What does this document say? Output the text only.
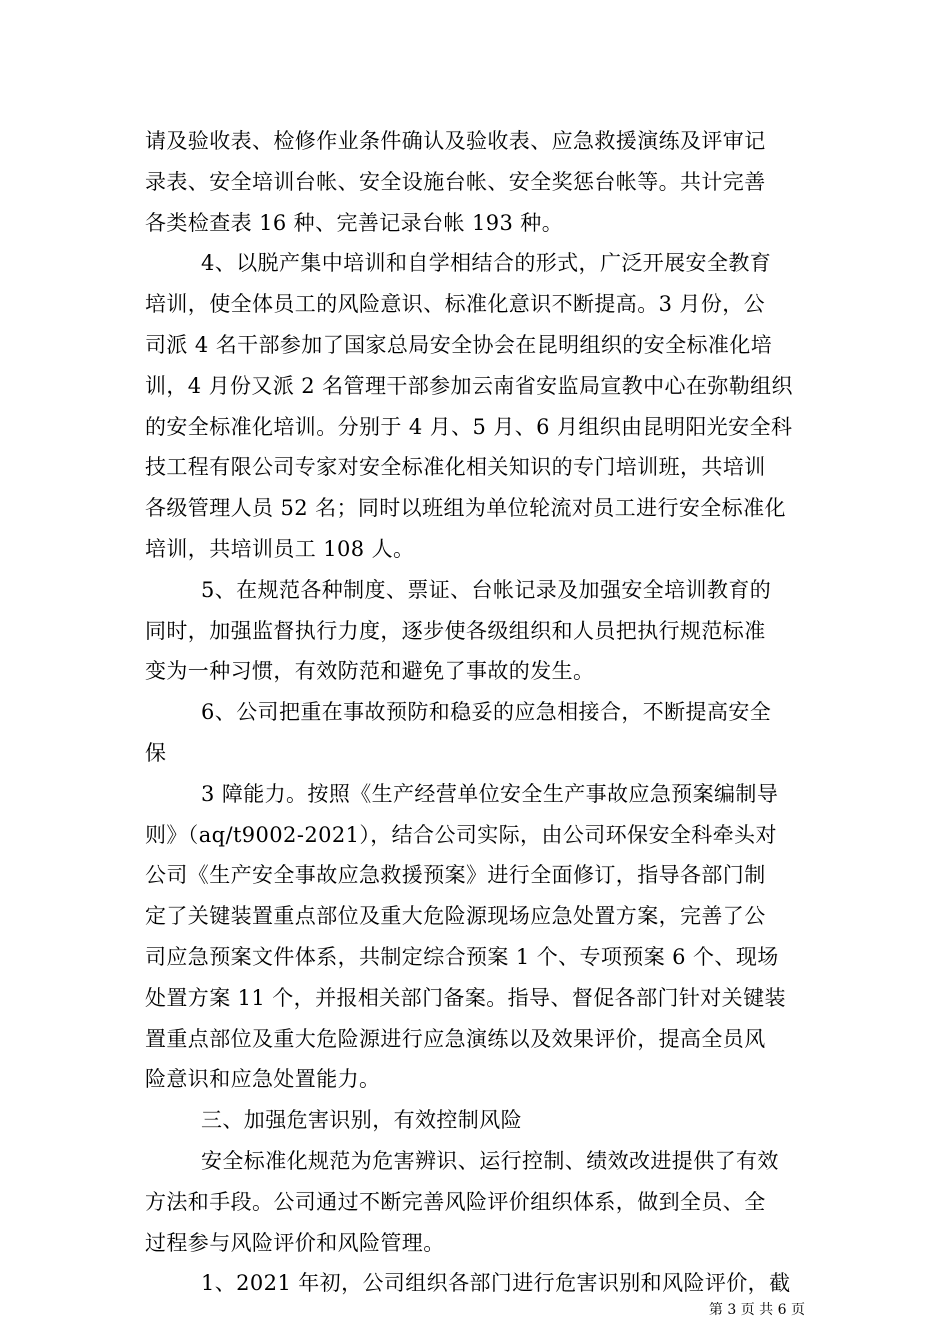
请及验收表、检修作业条件确认及验收表、应急救援演练及评审记
录表、安全培训台帐、安全设施台帐、安全奖惩台帐等。共计完善
各类检查表 16 种、完善记录台帐 193 种。
4、以脱产集中培训和自学相结合的形式，广泛开展安全教育
培训，使全体员工的风险意识、标准化意识不断提高。3 月份，公
司派 4 名干部参加了国家总局安全协会在昆明组织的安全标准化培
训，4 月份又派 2 名管理干部参加云南省安监局宣教中心在弥勒组织
的安全标准化培训。分别于 4 月、5 月、6 月组织由昆明阳光安全科
技工程有限公司专家对安全标准化相关知识的专门培训班，共培训
各级管理人员 52 名；同时以班组为单位轮流对员工进行安全标准化
培训，共培训员工 108 人。
5、在规范各种制度、票证、台帐记录及加强安全培训教育的
同时，加强监督执行力度，逐步使各级组织和人员把执行规范标准
变为一种习惯，有效防范和避免了事故的发生。
6、公司把重在事故预防和稳妥的应急相接合，不断提高安全
保
3 障能力。按照《生产经营单位安全生产事故应急预案编制导
则》（aq/t9002-2021），结合公司实际，由公司环保安全科牵头对
公司《生产安全事故应急救援预案》进行全面修订，指导各部门制
定了关键装置重点部位及重大危险源现场应急处置方案，完善了公
司应急预案文件体系，共制定综合预案 1 个、专项预案 6 个、现场
处置方案 11 个，并报相关部门备案。指导、督促各部门针对关键装
置重点部位及重大危险源进行应急演练以及效果评价，提高全员风
险意识和应急处置能力。
三、加强危害识别，有效控制风险
安全标准化规范为危害辨识、运行控制、绩效改进提供了有效
方法和手段。公司通过不断完善风险评价组织体系，做到全员、全
过程参与风险评价和风险管理。
1、2021 年初，公司组织各部门进行危害识别和风险评价，截
第 3 页 共 6 页
